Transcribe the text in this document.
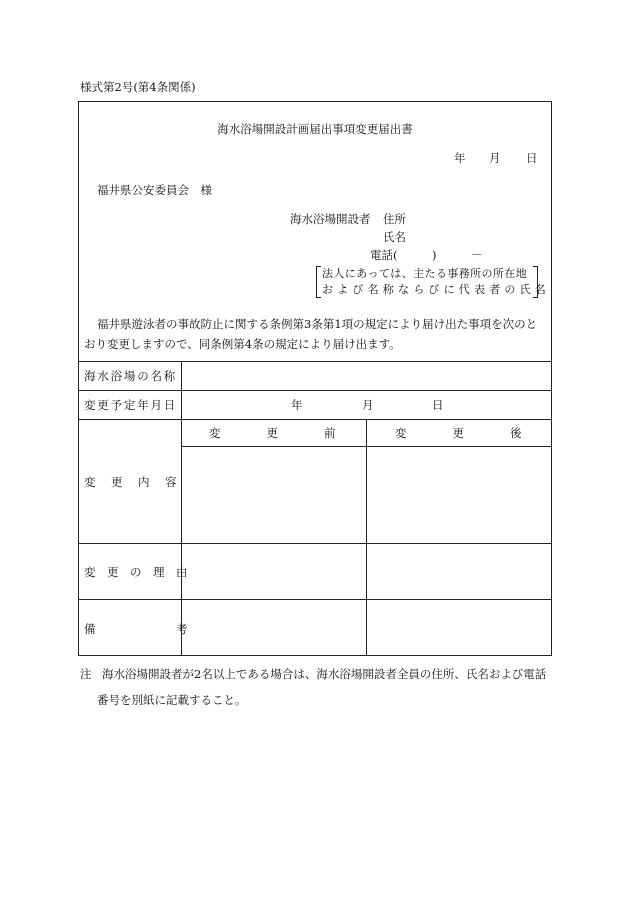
様式第2号(第4条関係)
海水浴場開設計画届出事項変更届出書
年 月 日
福井県公安委員会　様
海水浴場開設者 住所
氏名
電話(　　　)　　　－
法人にあっては、主たる事務所の所在地
および名称ならびに代表者の氏名
福井県遊泳者の事故防止に関する条例第3条第1項の規定により届け出た事項を次のと
おり変更しますので、同条例第4条の規定により届け出ます。
海水浴場の名称
変更予定年月日	年	月	日
変　　　　更　　　　前	変　　　　更　　　　後
変　更　内　容
変　更　の　理　由
備　　　　　　　考
注 海水浴場開設者が2名以上である場合は、海水浴場開設者全員の住所、氏名および電話
番号を別紙に記載すること。
